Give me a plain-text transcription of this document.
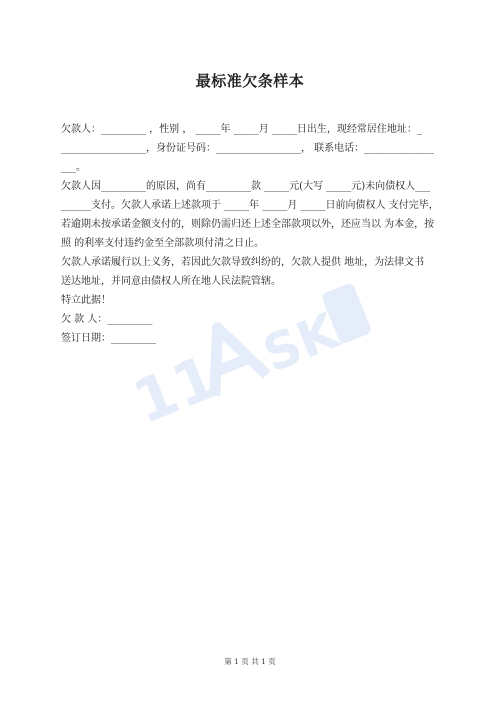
最标准欠条样本
欠款人：_________ ，性别 ， _____年 _____月 _____日出生，现经常居住地址：_
_________________，身份证号码：_________________， 联系电话：______________
___。
欠款人因_________的原因，尚有_________款 _____元(大写 _____元)未向债权人___
______支付。欠款人承诺上述款项于 _____年 _____月 _____日前向债权人 支付完毕，
若逾期未按承诺金额支付的，则除仍需归还上述全部款项以外，还应当以 为本金，按
照 的利率支付违约金至全部款项付清之日止。
欠款人承诺履行以上义务，若因此欠款导致纠纷的，欠款人提供 地址，为法律文书
送达地址，并同意由债权人所在地人民法院管辖。
特立此据！
欠 款 人：_________
签订日期：_________
11 SK
第 1 页 共 1 页
